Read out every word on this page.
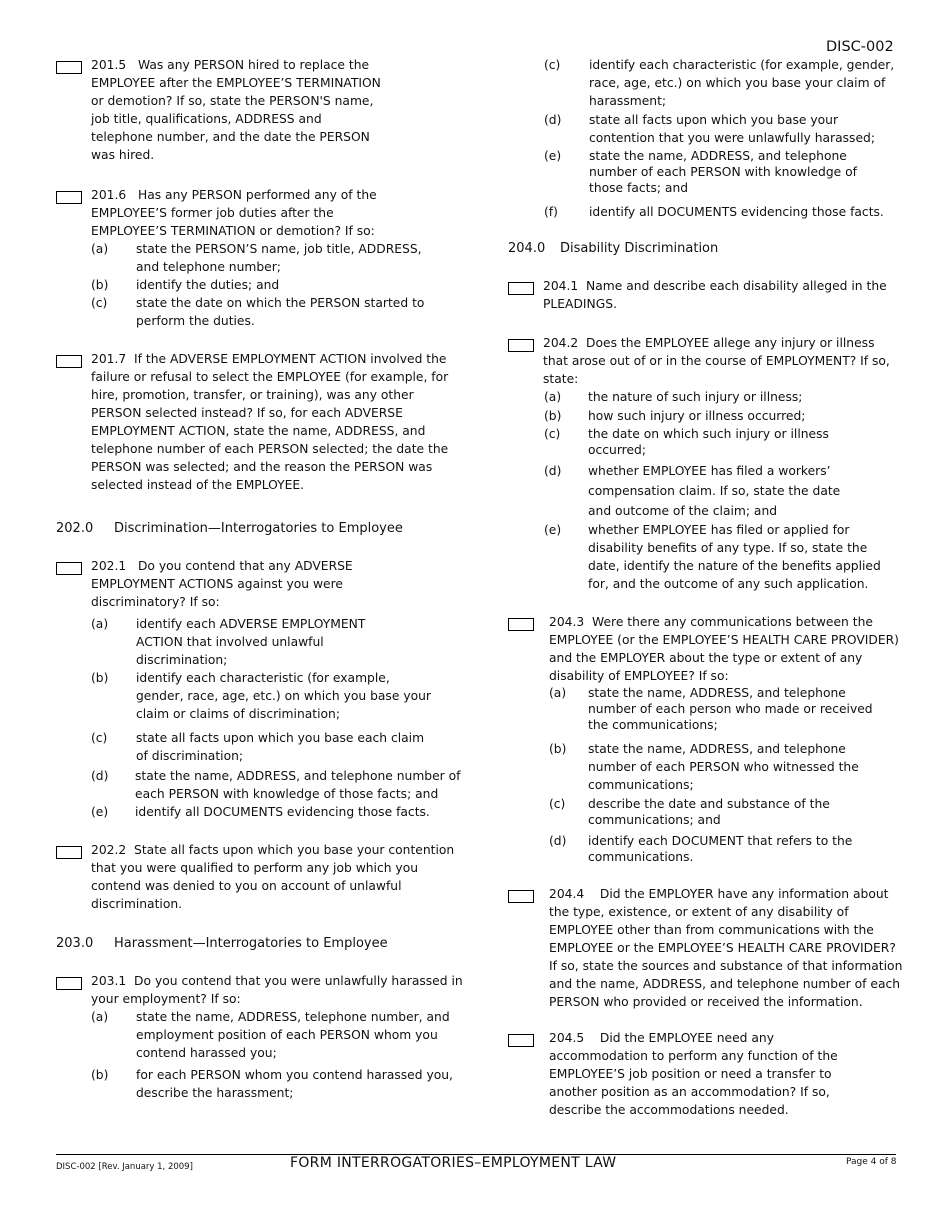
DISC-002
201.5 Was any PERSON hired to replace the EMPLOYEE after the EMPLOYEE’S TERMINATION or demotion? If so, state the PERSON'S name, job title, qualifications, ADDRESS and telephone number, and the date the PERSON was hired.
201.6 Has any PERSON performed any of the EMPLOYEE’S former job duties after the EMPLOYEE’S TERMINATION or demotion? If so:
(a) state the PERSON’S name, job title, ADDRESS, and telephone number;
(b) identify the duties; and
(c) state the date on which the PERSON started to perform the duties.
201.7 If the ADVERSE EMPLOYMENT ACTION involved the failure or refusal to select the EMPLOYEE (for example, for hire, promotion, transfer, or training), was any other PERSON selected instead? If so, for each ADVERSE EMPLOYMENT ACTION, state the name, ADDRESS, and telephone number of each PERSON selected; the date the PERSON was selected; and the reason the PERSON was selected instead of the EMPLOYEE.
202.0 Discrimination—Interrogatories to Employee
202.1 Do you contend that any ADVERSE EMPLOYMENT ACTIONS against you were discriminatory? If so:
(a) identify each ADVERSE EMPLOYMENT ACTION that involved unlawful discrimination;
(b) identify each characteristic (for example, gender, race, age, etc.) on which you base your claim or claims of discrimination;
(c) state all facts upon which you base each claim of discrimination;
(d) state the name, ADDRESS, and telephone number of each PERSON with knowledge of those facts; and
(e) identify all DOCUMENTS evidencing those facts.
202.2 State all facts upon which you base your contention that you were qualified to perform any job which you contend was denied to you on account of unlawful discrimination.
203.0 Harassment—Interrogatories to Employee
203.1 Do you contend that you were unlawfully harassed in your employment? If so:
(a) state the name, ADDRESS, telephone number, and employment position of each PERSON whom you contend harassed you;
(b) for each PERSON whom you contend harassed you, describe the harassment;
(c) identify each characteristic (for example, gender, race, age, etc.) on which you base your claim of harassment;
(d) state all facts upon which you base your contention that you were unlawfully harassed;
(e) state the name, ADDRESS, and telephone number of each PERSON with knowledge of those facts; and
(f)	identify all DOCUMENTS evidencing those facts.
204.0 Disability Discrimination
204.1 Name and describe each disability alleged in the PLEADINGS.
204.2 Does the EMPLOYEE allege any injury or illness that arose out of or in the course of EMPLOYMENT? If so, state:
(a) the nature of such injury or illness;
(b) how such injury or illness occurred;
(c) the date on which such injury or illness occurred;
(d) whether EMPLOYEE has filed a workers’ compensation claim. If so, state the date and outcome of the claim; and
(e) whether EMPLOYEE has filed or applied for disability benefits of any type. If so, state the date, identify the nature of the benefits applied for, and the outcome of any such application.
204.3 Were there any communications between the EMPLOYEE (or the EMPLOYEE’S HEALTH CARE PROVIDER) and the EMPLOYER about the type or extent of any disability of EMPLOYEE? If so:
(a) state the name, ADDRESS, and telephone number of each person who made or received the communications;
(b) state the name, ADDRESS, and telephone number of each PERSON who witnessed the communications;
(c) describe the date and substance of the communications; and
(d) identify each DOCUMENT that refers to the communications.
204.4 Did the EMPLOYER have any information about the type, existence, or extent of any disability of EMPLOYEE other than from communications with the EMPLOYEE or the EMPLOYEE’S HEALTH CARE PROVIDER? If so, state the sources and substance of that information and the name, ADDRESS, and telephone number of each PERSON who provided or received the information.
204.5 Did the EMPLOYEE need any accommodation to perform any function of the EMPLOYEE’S job position or need a transfer to another position as an accommodation? If so, describe the accommodations needed.
DISC-002 [Rev. January 1, 2009]	FORM INTERROGATORIES–EMPLOYMENT LAW	Page 4 of 8
